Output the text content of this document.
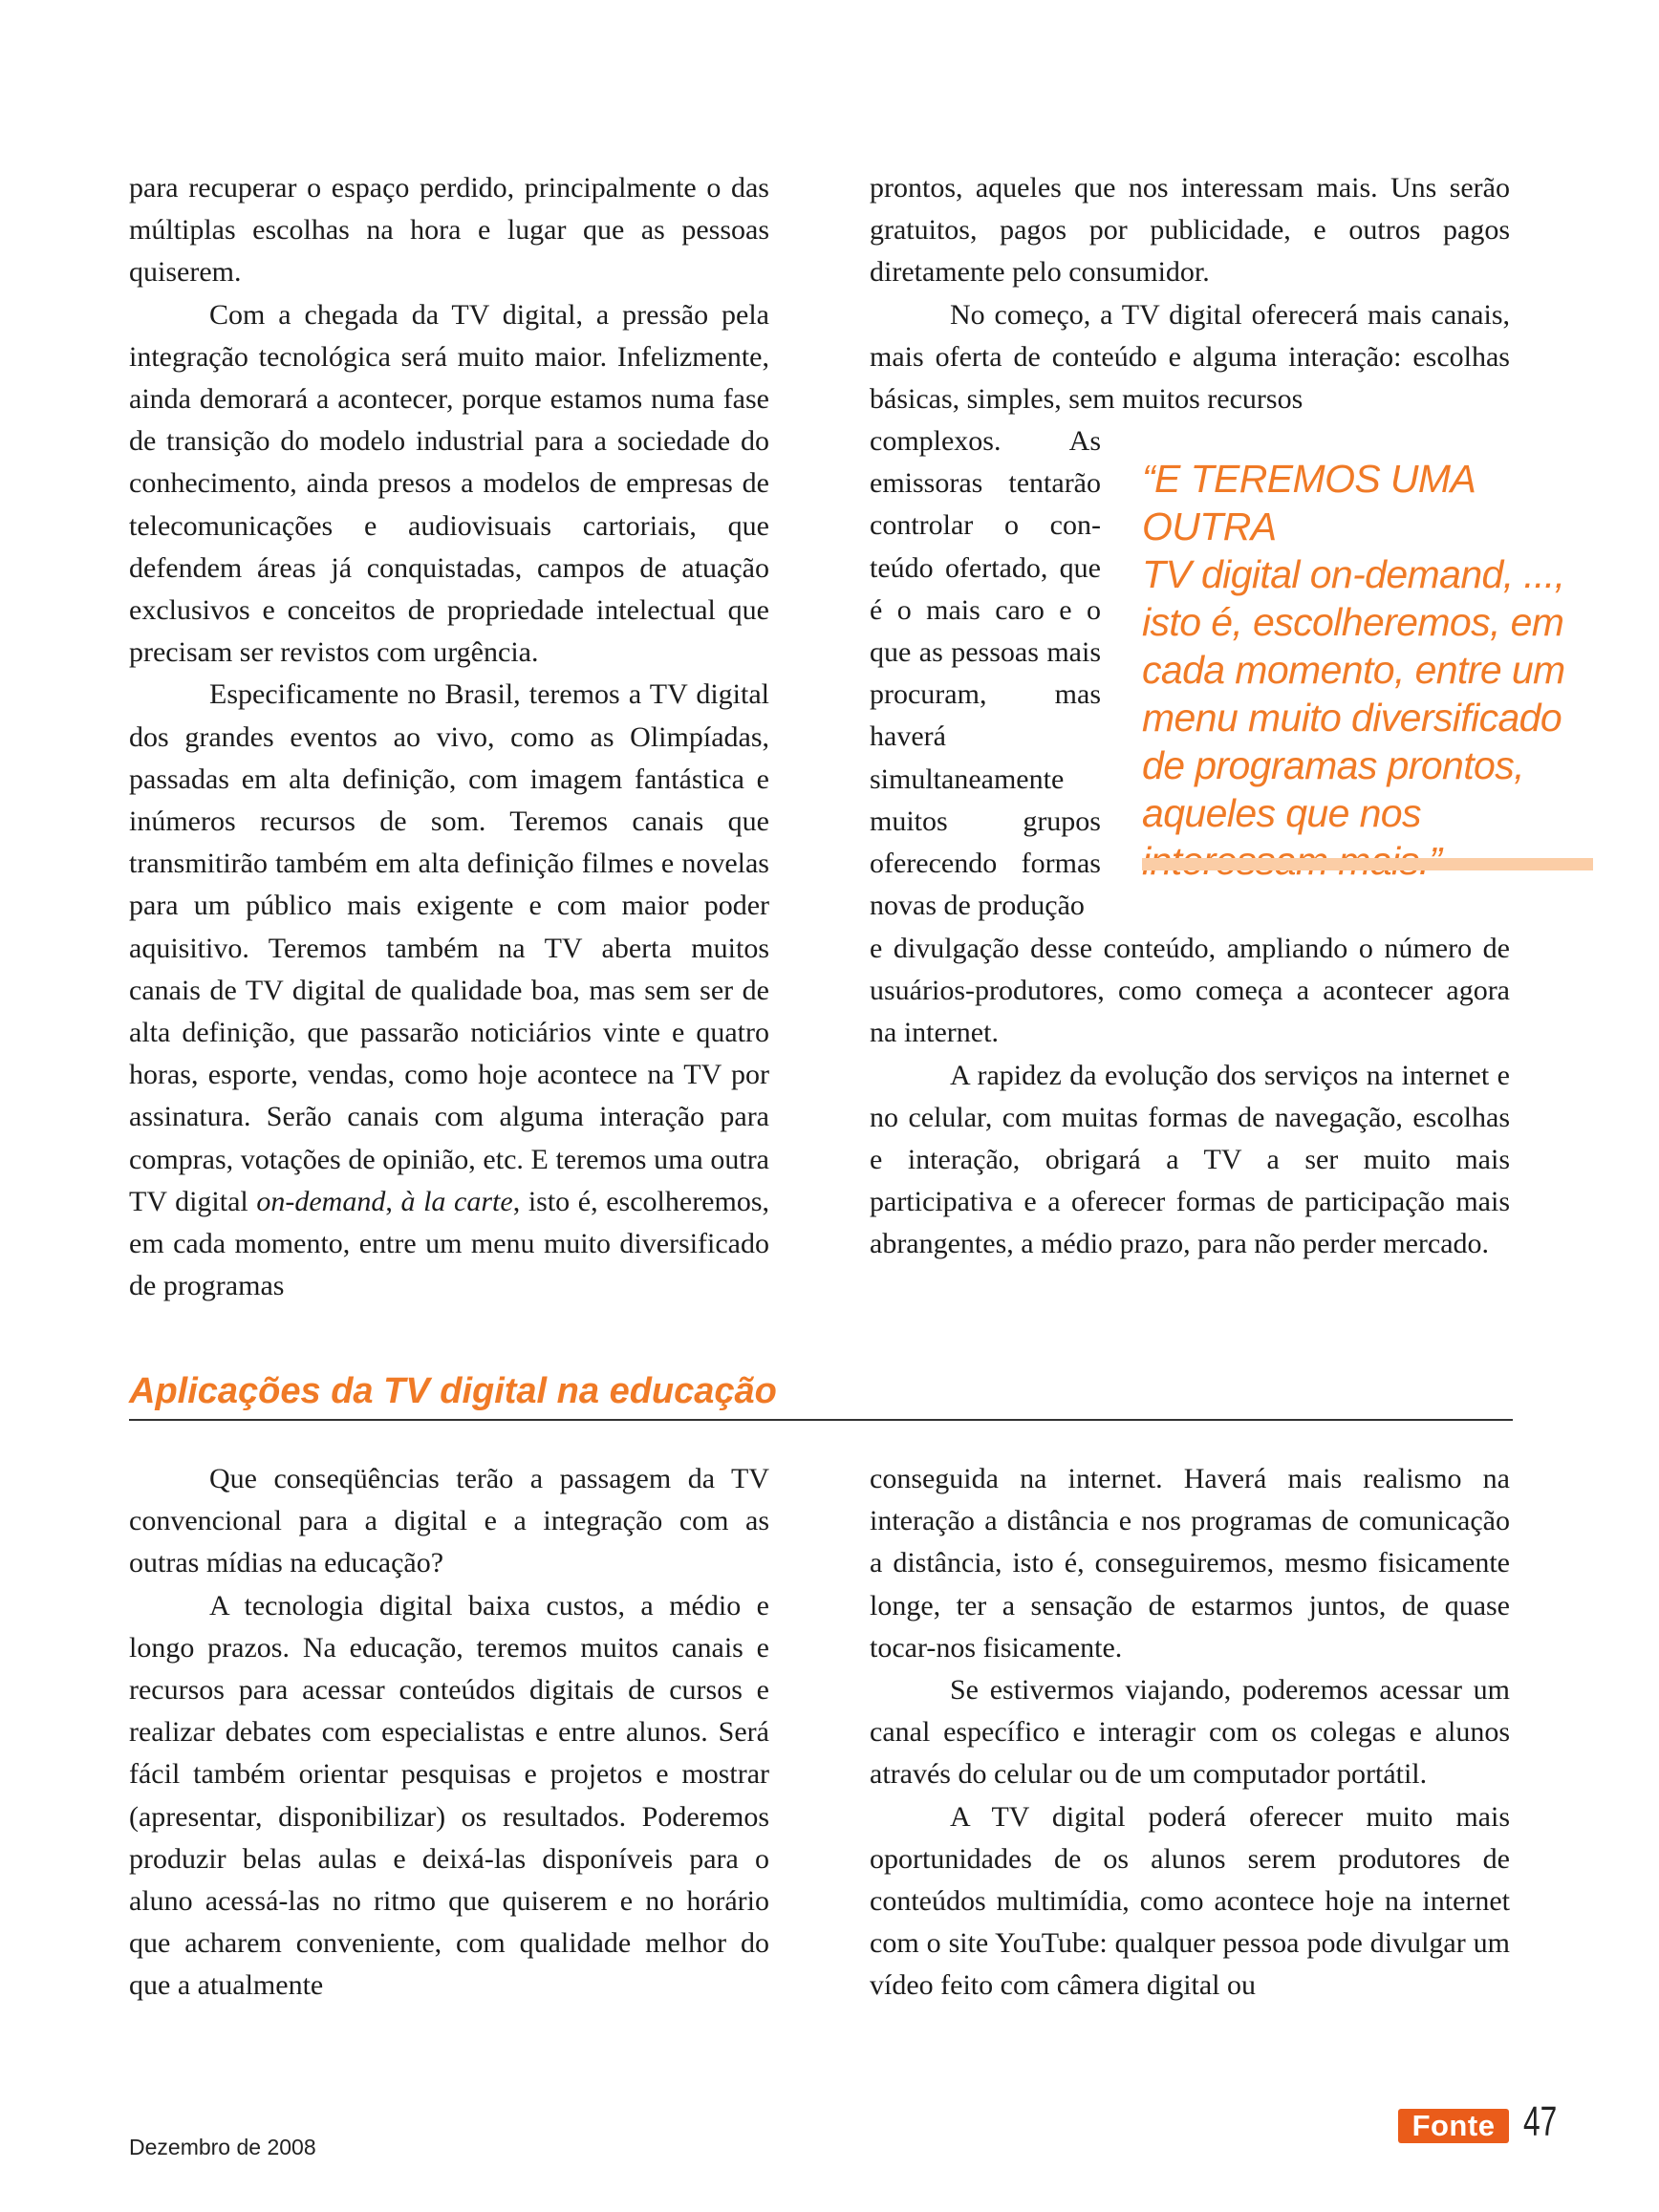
para recuperar o espaço perdido, principalmente o das múltiplas escolhas na hora e lugar que as pessoas quiserem.

Com a chegada da TV digital, a pressão pela integração tecnológica será muito maior. Infelizmente, ainda demorará a acontecer, porque estamos numa fase de transição do modelo industrial para a sociedade do conhecimento, ainda presos a modelos de empresas de telecomunicações e audiovisuais cartoriais, que defendem áreas já conquistadas, campos de atuação exclusivos e conceitos de propriedade intelectual que precisam ser revistos com urgência.

Especificamente no Brasil, teremos a TV digital dos grandes eventos ao vivo, como as Olimpíadas, passadas em alta definição, com imagem fantástica e inúmeros recursos de som. Teremos canais que transmitirão também em alta definição filmes e novelas para um público mais exigente e com maior poder aquisitivo. Teremos também na TV aberta muitos canais de TV digital de qualidade boa, mas sem ser de alta definição, que passarão noticiários vinte e quatro horas, esporte, vendas, como hoje acontece na TV por assinatura. Serão canais com alguma interação para compras, votações de opinião, etc. E teremos uma outra TV digital on-demand, à la carte, isto é, escolheremos, em cada momento, entre um menu muito diversificado de programas

prontos, aqueles que nos interessam mais. Uns serão gratuitos, pagos por publicidade, e outros pagos diretamente pelo consumidor.

No começo, a TV digital oferecerá mais canais, mais oferta de conteúdo e alguma interação: escolhas básicas, simples, sem muitos recursos

complexos. As emissoras tentarão controlar o conteúdo ofertado, que é o mais caro e o que as pessoas mais procuram, mas haverá simultaneamente muitos grupos oferecendo formas novas de produção

e divulgação desse conteúdo, ampliando o número de usuários-produtores, como começa a acontecer agora na internet.

A rapidez da evolução dos serviços na internet e no celular, com muitas formas de navegação, escolhas e interação, obrigará a TV a ser muito mais participativa e a oferecer formas de participação mais abrangentes, a médio prazo, para não perder mercado.

“E TEREMOS UMA OUTRA
TV digital on-demand, ...,
isto é, escolheremos, em
cada momento, entre um
menu muito diversificado
de programas prontos,
aqueles que nos
Aplicações da TV digital na educação

Que conseqüências terão a passagem da TV convencional para a digital e a integração com as outras mídias na educação?

A tecnologia digital baixa custos, a médio e longo prazos. Na educação, teremos muitos canais e recursos para acessar conteúdos digitais de cursos e realizar debates com especialistas e entre alunos. Será fácil também orientar pesquisas e projetos e mostrar (apresentar, disponibilizar) os resultados. Poderemos produzir belas aulas e deixá-las disponíveis para o aluno acessá-las no ritmo que quiserem e no horário que acharem conveniente, com qualidade melhor do que a atualmente

conseguida na internet. Haverá mais realismo na interação a distância e nos programas de comunicação a distância, isto é, conseguiremos, mesmo fisicamente longe, ter a sensação de estarmos juntos, de quase tocar-nos fisicamente.

Se estivermos viajando, poderemos acessar um canal específico e interagir com os colegas e alunos através do celular ou de um computador portátil.

A TV digital poderá oferecer muito mais oportunidades de os alunos serem produtores de conteúdos multimídia, como acontece hoje na internet com o site YouTube: qualquer pessoa pode divulgar um vídeo feito com câmera digital ou

Dezembro de 2008
Fonte 47
